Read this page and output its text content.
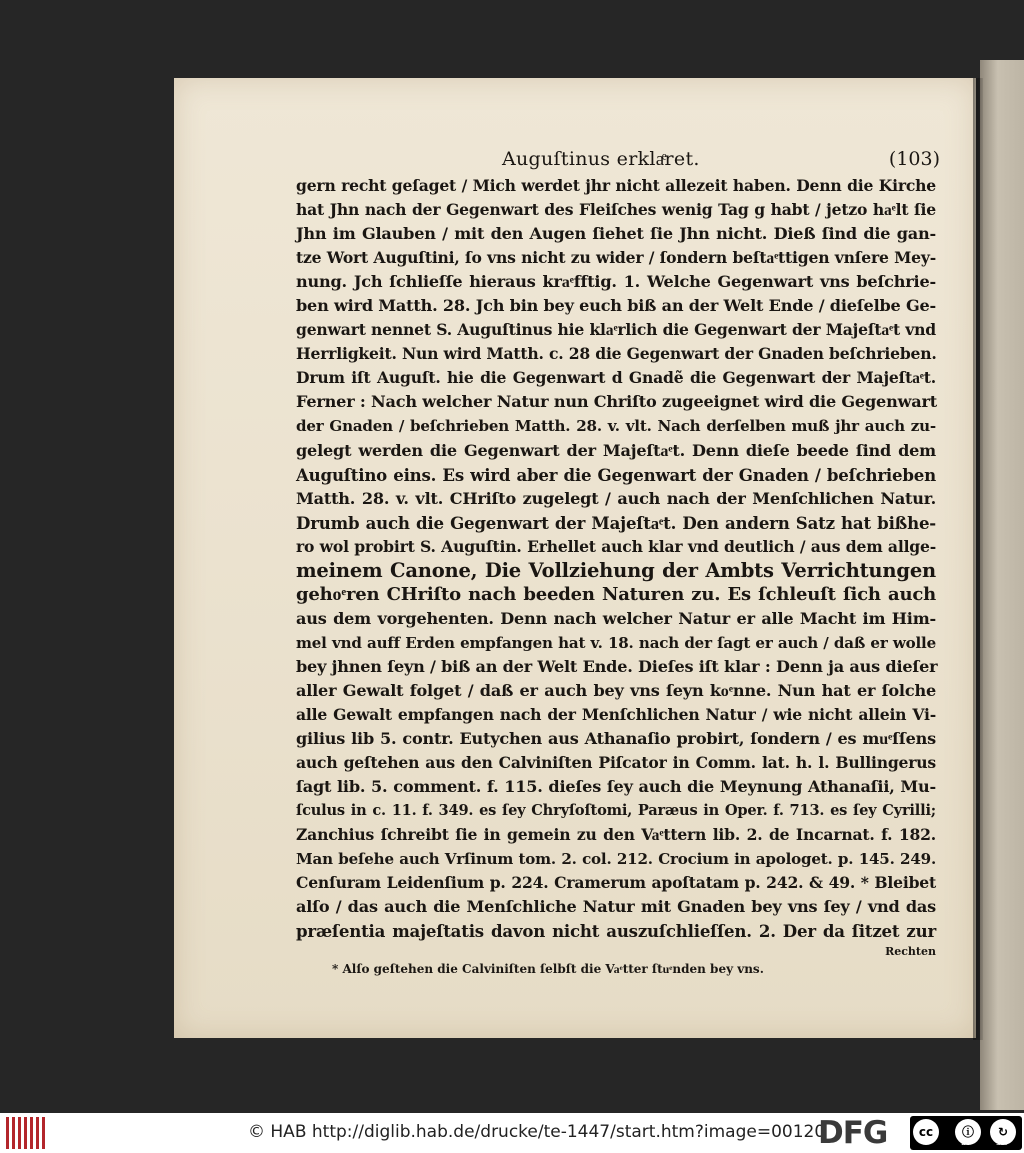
Auguſtinus erklaͤret.	(103)
gern recht geſaget / Mich werdet jhr nicht allezeit haben. Denn die Kirche
hat Jhn nach der Gegenwart des Fleiſches wenig Tag g habt / jetzo haͤlt ſie
Jhn im Glauben / mit den Augen ſiehet ſie Jhn nicht. Dieß ſind die gan-
tze Wort Auguſtini, ſo vns nicht zu wider / ſondern beſtaͤttigen vnſere Mey-
nung. Jch ſchlieſſe hieraus kraͤfftig. 1. Welche Gegenwart vns beſchrie-
ben wird Matth. 28. Jch bin bey euch biß an der Welt Ende / dieſelbe Ge-
genwart nennet S. Auguſtinus hie klaͤrlich die Gegenwart der Majeſtaͤt vnd
Herrligkeit. Nun wird Matth. c. 28 die Gegenwart der Gnaden beſchrieben.
Drum iſt Auguſt. hie die Gegenwart d Gnadẽ die Gegenwart der Majeſtaͤt.
Ferner : Nach welcher Natur nun Chriſto zugeeignet wird die Gegenwart
der Gnaden / beſchrieben Matth. 28. v. vlt. Nach derſelben muß jhr auch zu-
gelegt werden die Gegenwart der Majeſtaͤt. Denn dieſe beede ſind dem
Auguſtino eins. Es wird aber die Gegenwart der Gnaden / beſchrieben
Matth. 28. v. vlt. CHriſto zugelegt / auch nach der Menſchlichen Natur.
Drumb auch die Gegenwart der Majeſtaͤt. Den andern Satz hat bißhe-
ro wol probirt S. Auguſtin. Erhellet auch klar vnd deutlich / aus dem allge-
meinem Canone, Die Vollziehung der Ambts Verrichtungen
gehoͤren CHriſto nach beeden Naturen zu. Es ſchleuſt ſich auch
aus dem vorgehenten. Denn nach welcher Natur er alle Macht im Him-
mel vnd auff Erden empfangen hat v. 18. nach der ſagt er auch / daß er wolle
bey jhnen ſeyn / biß an der Welt Ende. Dieſes iſt klar : Denn ja aus dieſer
aller Gewalt folget / daß er auch bey vns ſeyn koͤnne. Nun hat er ſolche
alle Gewalt empfangen nach der Menſchlichen Natur / wie nicht allein Vi-
gilius lib 5. contr. Eutychen aus Athanaſio probirt, ſondern / es muͤſſens
auch geſtehen aus den Calviniſten Piſcator in Comm. lat. h. l. Bullingerus
ſagt lib. 5. comment. f. 115. dieſes ſey auch die Meynung Athanaſii, Mu-
ſculus in c. 11. f. 349. es ſey Chryſoſtomi, Paræus in Oper. f. 713. es ſey Cyrilli;
Zanchius ſchreibt ſie in gemein zu den Vaͤttern lib. 2. de Incarnat. f. 182.
Man beſehe auch Vrſinum tom. 2. col. 212. Crocium in apologet. p. 145. 249.
Cenſuram Leidenſium p. 224. Cramerum apoſtatam p. 242. & 49. * Bleibet
alſo / das auch die Menſchliche Natur mit Gnaden bey vns ſey / vnd das
præſentia majeſtatis davon nicht auszuſchlieſſen. 2. Der da ſitzet zur
Rechten
* Alſo geſtehen die Calviniſten ſelbſt die Vaͤtter ſtuͤnden bey vns.
© HAB http://diglib.hab.de/drucke/te-1447/start.htm?image=00120
DFG	cc	ⓘ	↻
BY	SA
